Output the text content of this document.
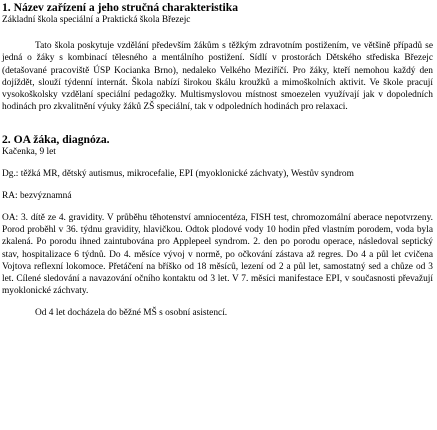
1. Název zařízení a jeho stručná charakteristika

Základní škola speciální a Praktická škola Březejc

Tato škola poskytuje vzdělání především žákům s těžkým zdravotním postižením, ve většině případů se jedná o žáky s kombinací tělesného a mentálního postižení. Sídlí v prostorách Dětského střediska Březejc (detašované pracoviště ÚSP Kocianka Brno), nedaleko Velkého Meziříčí. Pro žáky, kteří nemohou každý den dojíždět, slouží týdenní internát. Škola nabízí širokou škálu kroužků a mimoškolních aktivit. Ve škole pracují vysokoškolsky vzdělaní speciální pedagožky. Multismyslovou místnost smoezelen využívají jak v dopoledních hodinách pro zkvalitnění výuky žáků ZŠ speciální, tak v odpoledních hodinách pro relaxaci.

2. OA žáka, diagnóza.

Kačenka, 9 let

Dg.: těžká MR, dětský autismus, mikrocefalie, EPI (myoklonické záchvaty), Westův syndrom

RA: bezvýznamná

OA: 3. dítě ze 4. gravidity. V průběhu těhotenství amniocentéza, FISH test, chromozomální aberace nepotvrzeny. Porod proběhl v 36. týdnu gravidity, hlavičkou. Odtok plodové vody 10 hodin před vlastním porodem, voda byla zkalená. Po porodu ihned zaintubována pro Applepeel syndrom. 2. den po porodu operace, následoval septický stav, hospitalizace 6 týdnů. Do 4. měsíce vývoj v normě, po očkování zástava až regres. Do 4 a půl let cvičena Vojtova reflexní lokomoce. Přetáčení na bříško od 18 měsíců, lezení od 2 a půl let, samostatný sed a chůze od 3 let. Cílené sledování a navazování očního kontaktu od 3 let. V 7. měsíci manifestace EPI, v současnosti převažují myoklonické záchvaty.

Od 4 let docházela do běžné MŠ s osobní asistencí.
